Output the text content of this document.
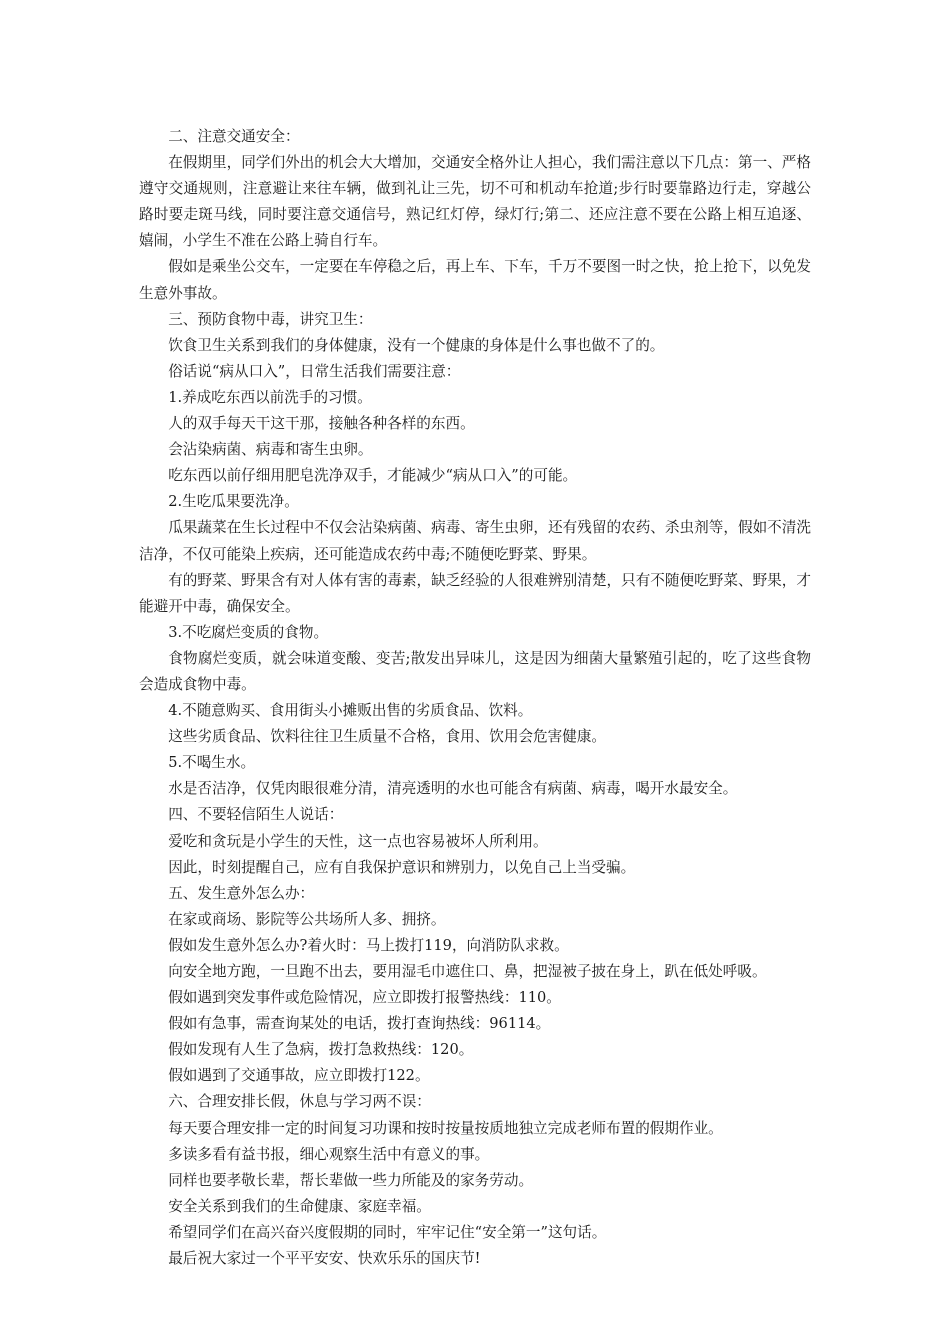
二、注意交通安全：

在假期里，同学们外出的机会大大增加，交通安全格外让人担心，我们需注意以下几点：第一、严格遵守交通规则，注意避让来往车辆，做到礼让三先，切不可和机动车抢道;步行时要靠路边行走，穿越公路时要走斑马线，同时要注意交通信号，熟记红灯停，绿灯行;第二、还应注意不要在公路上相互追逐、嬉闹，小学生不准在公路上骑自行车。

假如是乘坐公交车，一定要在车停稳之后，再上车、下车，千万不要图一时之快，抢上抢下，以免发生意外事故。

三、预防食物中毒，讲究卫生：

饮食卫生关系到我们的身体健康，没有一个健康的身体是什么事也做不了的。

俗话说“病从口入”，日常生活我们需要注意：

1.养成吃东西以前洗手的习惯。

人的双手每天干这干那，接触各种各样的东西。

会沾染病菌、病毒和寄生虫卵。

吃东西以前仔细用肥皂洗净双手，才能减少“病从口入”的可能。

2.生吃瓜果要洗净。

瓜果蔬菜在生长过程中不仅会沾染病菌、病毒、寄生虫卵，还有残留的农药、杀虫剂等，假如不清洗洁净，不仅可能染上疾病，还可能造成农药中毒;不随便吃野菜、野果。

有的野菜、野果含有对人体有害的毒素，缺乏经验的人很难辨别清楚，只有不随便吃野菜、野果，才能避开中毒，确保安全。

3.不吃腐烂变质的食物。

食物腐烂变质，就会味道变酸、变苦;散发出异味儿，这是因为细菌大量繁殖引起的，吃了这些食物会造成食物中毒。

4.不随意购买、食用街头小摊贩出售的劣质食品、饮料。

这些劣质食品、饮料往往卫生质量不合格，食用、饮用会危害健康。

5.不喝生水。

水是否洁净，仅凭肉眼很难分清，清亮透明的水也可能含有病菌、病毒，喝开水最安全。

四、不要轻信陌生人说话：

爱吃和贪玩是小学生的天性，这一点也容易被坏人所利用。

因此，时刻提醒自己，应有自我保护意识和辨别力，以免自己上当受骗。

五、发生意外怎么办：

在家或商场、影院等公共场所人多、拥挤。

假如发生意外怎么办?着火时：马上拨打119，向消防队求救。

向安全地方跑，一旦跑不出去，要用湿毛巾遮住口、鼻，把湿被子披在身上，趴在低处呼吸。

假如遇到突发事件或危险情况，应立即拨打报警热线：110。

假如有急事，需查询某处的电话，拨打查询热线：96114。

假如发现有人生了急病，拨打急救热线：120。

假如遇到了交通事故，应立即拨打122。

六、合理安排长假，休息与学习两不误：

每天要合理安排一定的时间复习功课和按时按量按质地独立完成老师布置的假期作业。

多读多看有益书报，细心观察生活中有意义的事。

同样也要孝敬长辈，帮长辈做一些力所能及的家务劳动。

安全关系到我们的生命健康、家庭幸福。

希望同学们在高兴奋兴度假期的同时，牢牢记住“安全第一”这句话。

最后祝大家过一个平平安安、快欢乐乐的国庆节!
